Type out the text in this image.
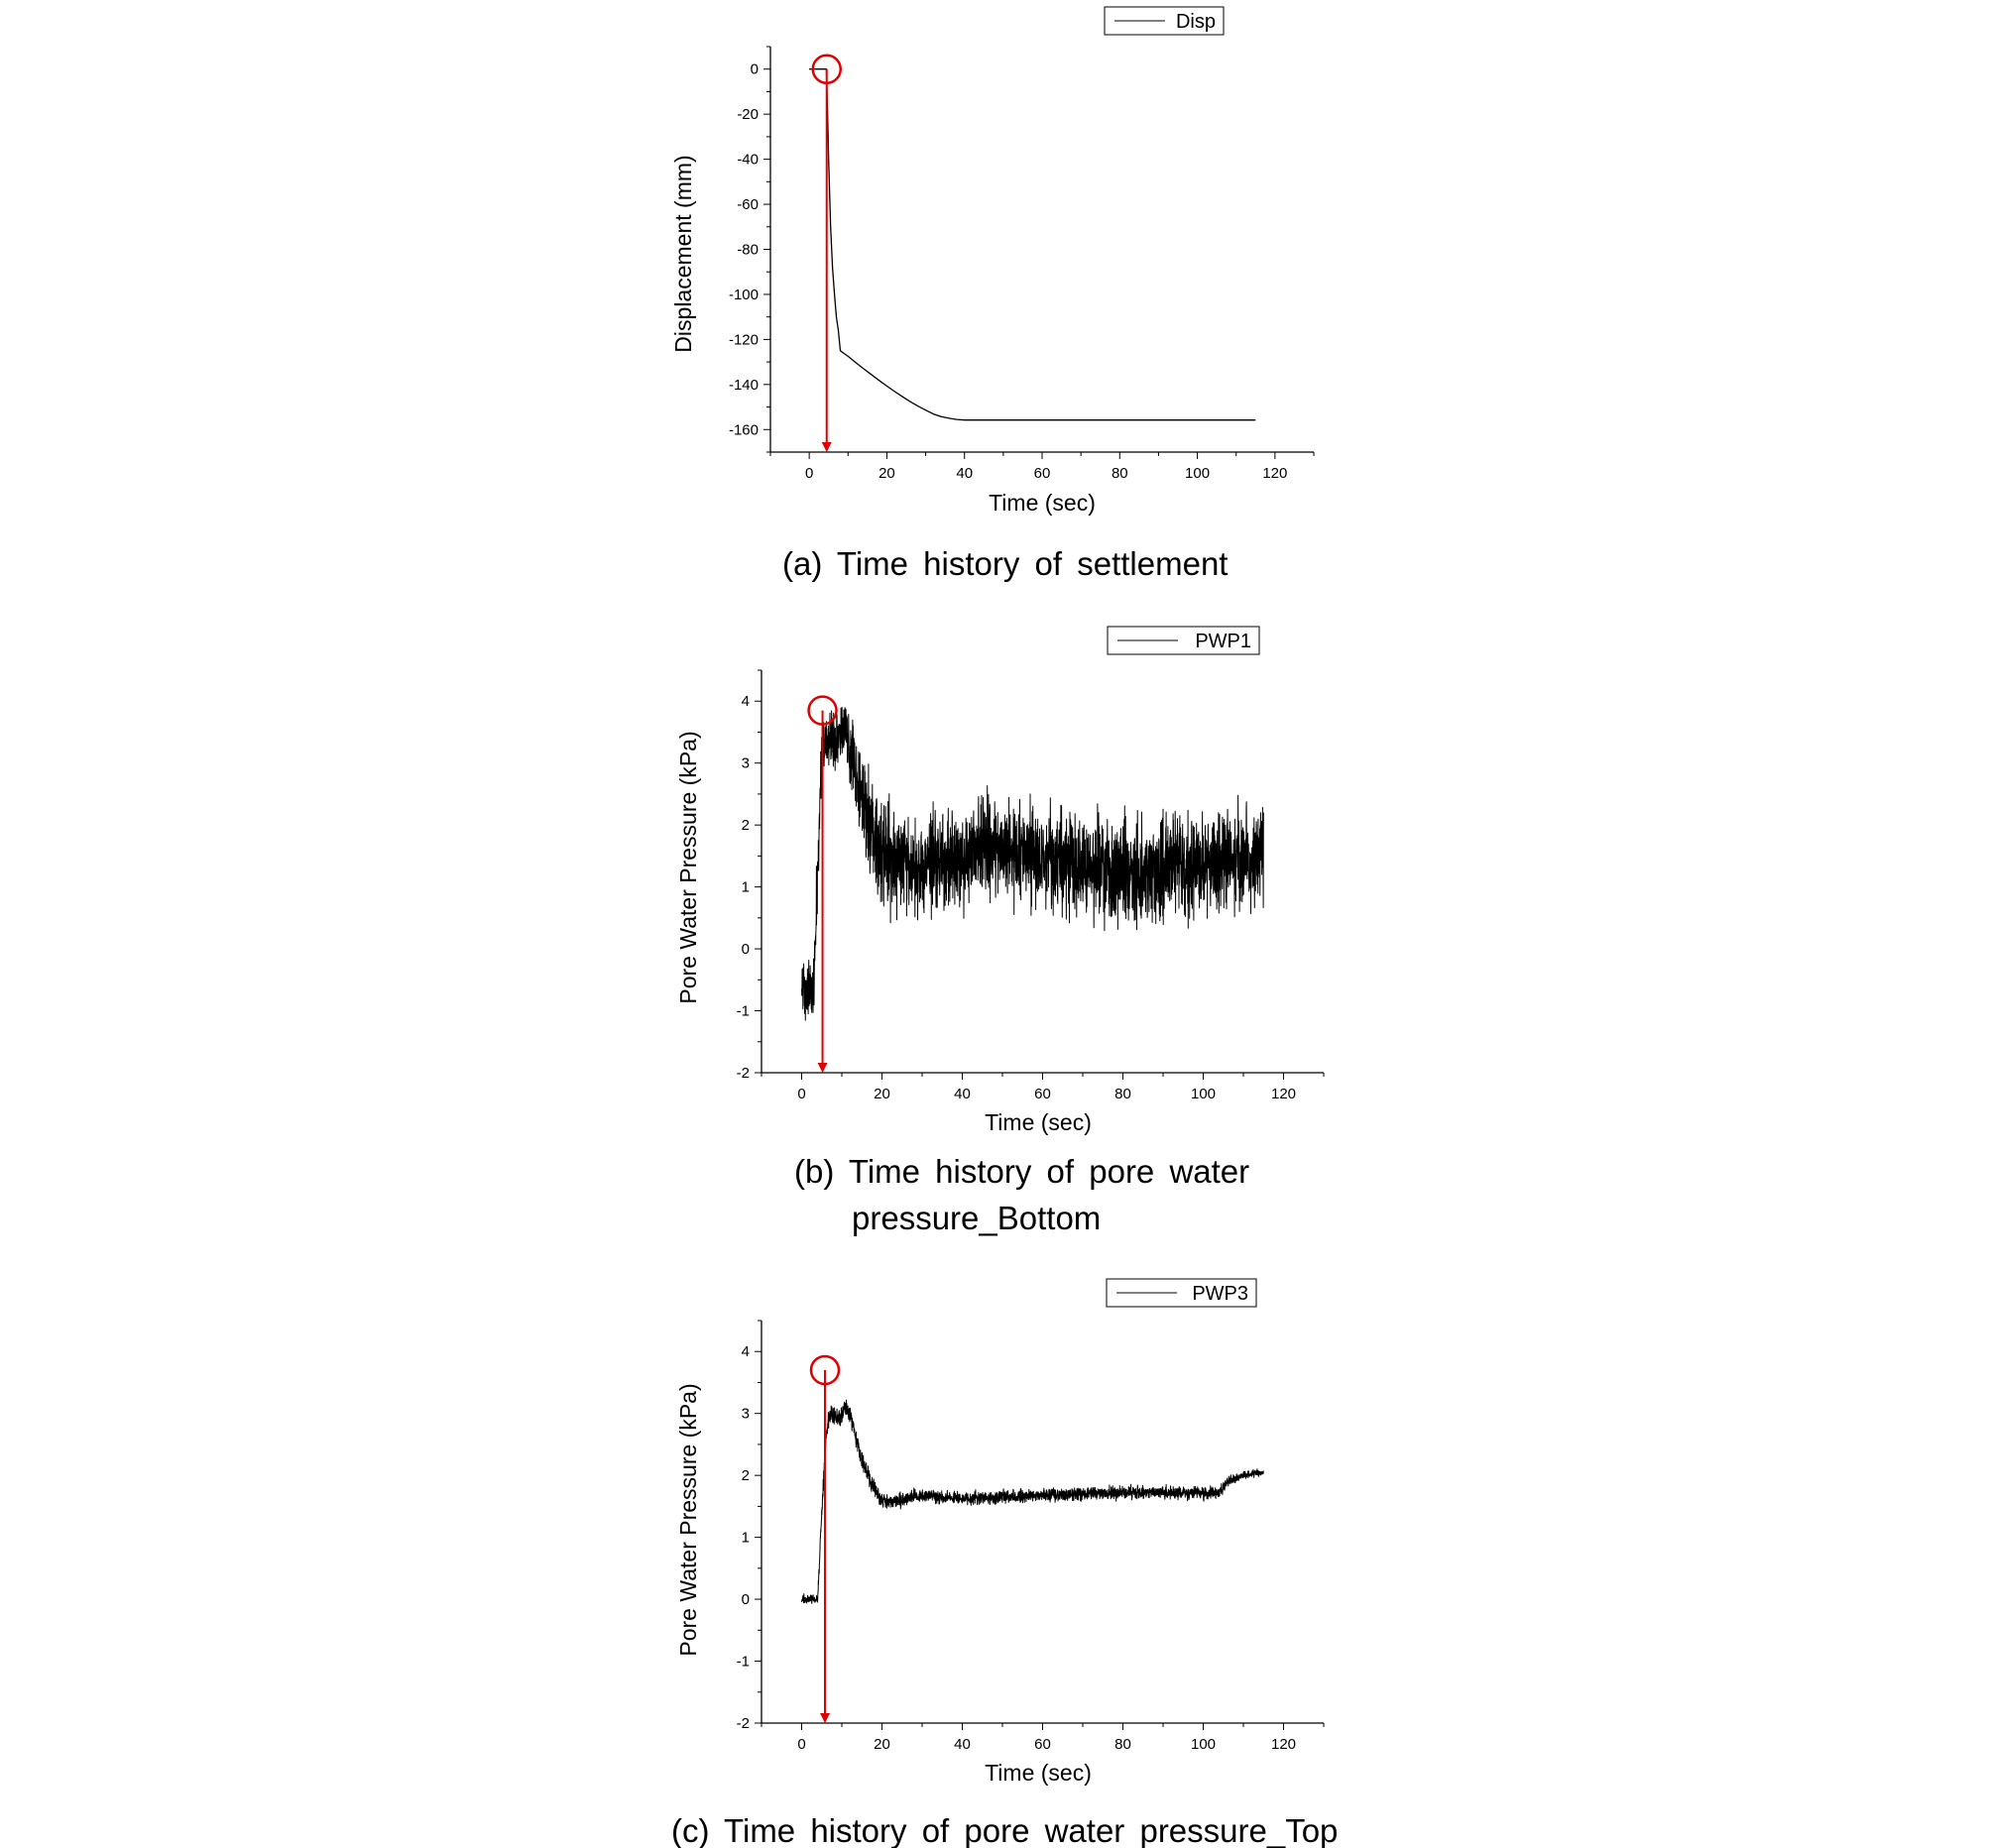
0	20	40	60	80	100	120
0
-20
-40
-60
-80
-100
-120
-140
-160
Time (sec)
Displacement (mm)
Disp
(a) Time history of settlement
0	20	40	60	80	100	120
4
3
2
1
0
-1
-2
Time (sec)
Pore Water Pressure (kPa)
PWP1
(b) Time history of pore water
pressure_Bottom
0	20	40	60	80	100	120
4
3
2
1
0
-1
-2
Time (sec)
Pore Water Pressure (kPa)
PWP3
(c) Time history of pore water pressure_Top
